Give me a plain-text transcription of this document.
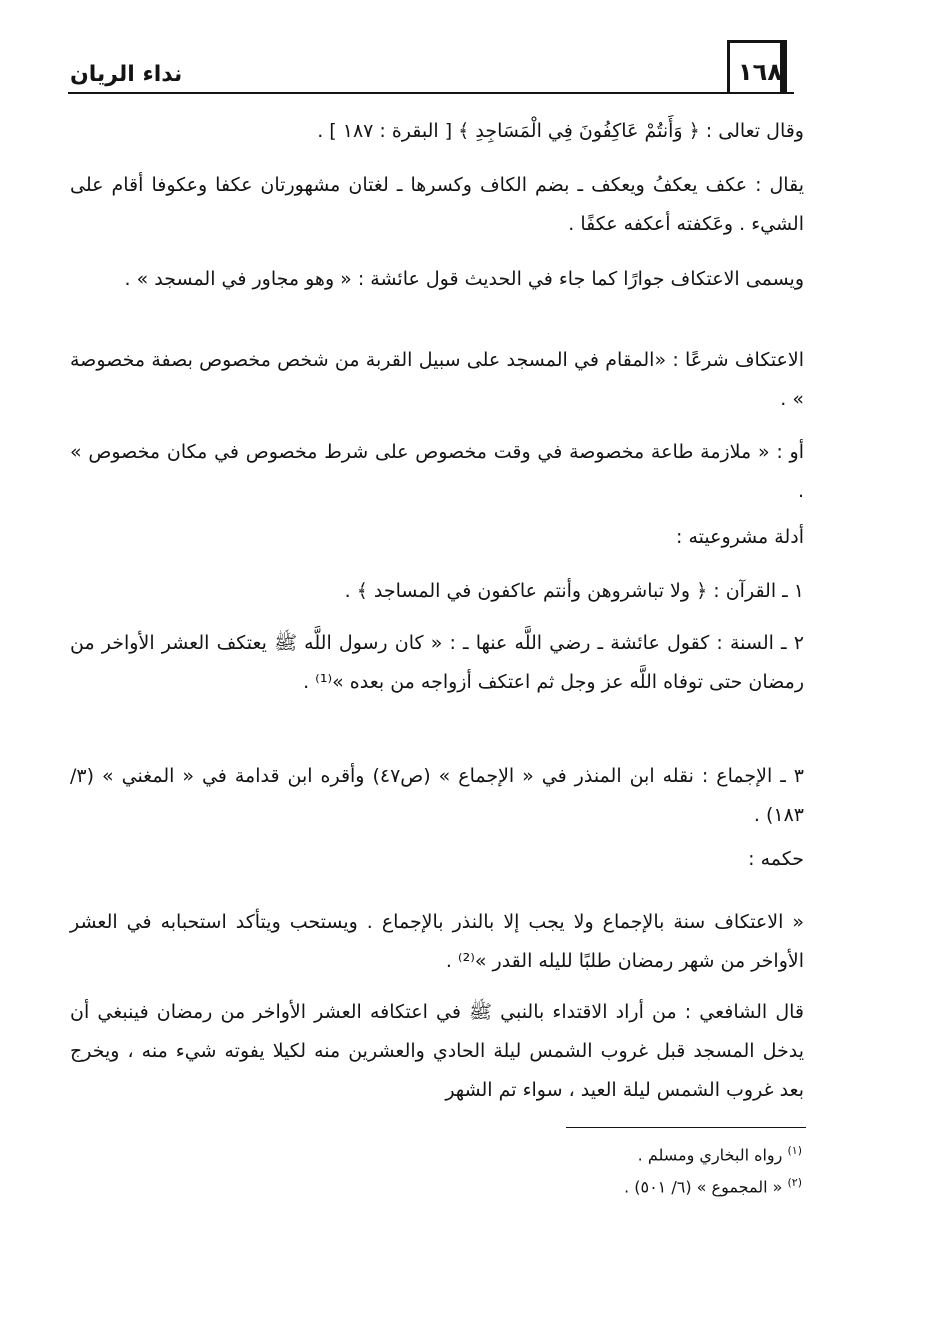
١٦٨
نداء الريان
وقال تعالى : ﴿ وَأَنتُمْ عَاكِفُونَ فِي الْمَسَاجِدِ ﴾ [ البقرة : ١٨٧ ] .
يقال : عكف يعكفُ ويعكف ـ بضم الكاف وكسرها ـ لغتان مشهورتان عكفا وعكوفا أقام على الشيء . وعَكفته أعكفه عكفًا .
ويسمى الاعتكاف جوارًا كما جاء في الحديث قول عائشة : « وهو مجاور في المسجد » .
الاعتكاف شرعًا : «المقام في المسجد على سبيل القربة من شخص مخصوص بصفة مخصوصة » .
أو : « ملازمة طاعة مخصوصة في وقت مخصوص على شرط مخصوص في مكان مخصوص » .
أدلة مشروعيته :
١ ـ القرآن : ﴿ ولا تباشروهن وأنتم عاكفون في المساجد ﴾ .
٢ ـ السنة : كقول عائشة ـ رضي اللَّه عنها ـ : « كان رسول اللَّه ﷺ يعتكف العشر الأواخر من رمضان حتى توفاه اللَّه عز وجل ثم اعتكف أزواجه من بعده »⁽¹⁾ .
٣ ـ الإجماع : نقله ابن المنذر في « الإجماع » (ص٤٧) وأقره ابن قدامة في « المغني » (٣/ ١٨٣) .
حكمه :
« الاعتكاف سنة بالإجماع ولا يجب إلا بالنذر بالإجماع . ويستحب ويتأكد استحبابه في العشر الأواخر من شهر رمضان طلبًا لليله القدر »⁽²⁾ .
قال الشافعي : من أراد الاقتداء بالنبي ﷺ في اعتكافه العشر الأواخر من رمضان فينبغي أن يدخل المسجد قبل غروب الشمس ليلة الحادي والعشرين منه لكيلا يفوته شيء منه ، ويخرج بعد غروب الشمس ليلة العيد ، سواء تم الشهر
$^{(١)}$ رواه البخاري ومسلم .
$^{(٢)}$ « المجموع » (٦/ ٥٠١) .
